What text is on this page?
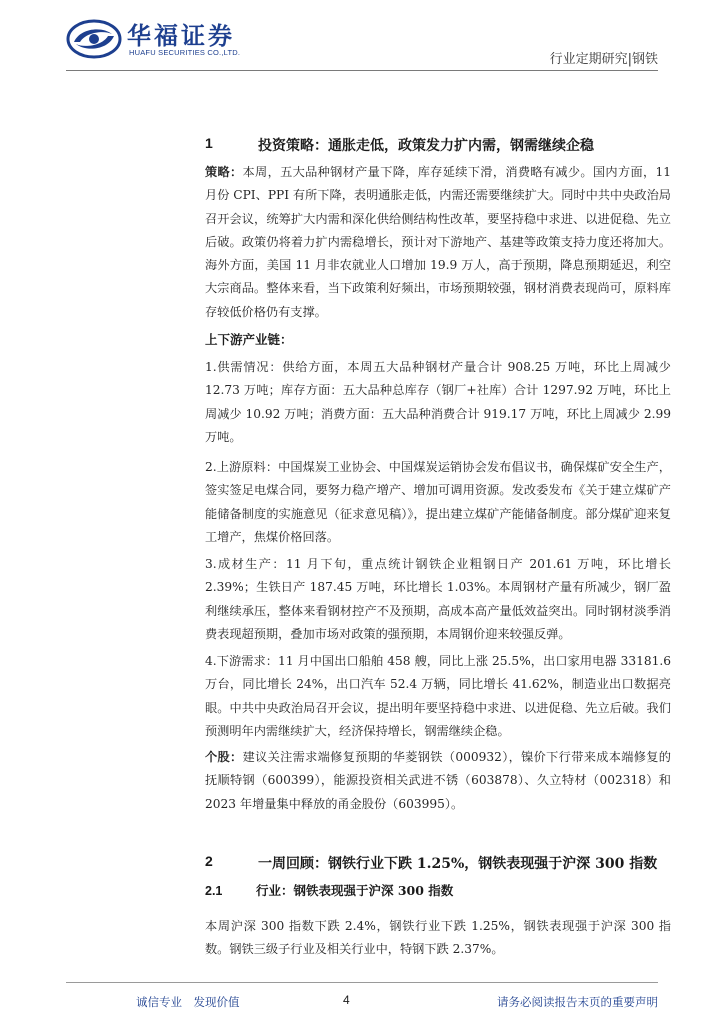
华福证券
HUAFU SECURITIES CO.,LTD.	行业定期研究|钢铁
1	投资策略：通胀走低，政策发力扩内需，钢需继续企稳

策略：本周，五大品种钢材产量下降，库存延续下滑，消费略有减少。国内方面，11 月份 CPI、PPI 有所下降，表明通胀走低，内需还需要继续扩大。同时中共中央政治局召开会议，统筹扩大内需和深化供给侧结构性改革，要坚持稳中求进、以进促稳、先立后破。政策仍将着力扩内需稳增长，预计对下游地产、基建等政策支持力度还将加大。海外方面，美国 11 月非农就业人口增加 19.9 万人，高于预期，降息预期延迟，利空大宗商品。整体来看，当下政策利好频出，市场预期较强，钢材消费表现尚可，原料库存较低价格仍有支撑。

上下游产业链：

1.供需情况：供给方面，本周五大品种钢材产量合计 908.25 万吨，环比上周减少 12.73 万吨；库存方面：五大品种总库存（钢厂+社库）合计 1297.92 万吨，环比上周减少 10.92 万吨；消费方面：五大品种消费合计 919.17 万吨，环比上周减少 2.99 万吨。

2.上游原料：中国煤炭工业协会、中国煤炭运销协会发布倡议书，确保煤矿安全生产，签实签足电煤合同，要努力稳产增产、增加可调用资源。发改委发布《关于建立煤矿产能储备制度的实施意见（征求意见稿）》，提出建立煤矿产能储备制度。部分煤矿迎来复工增产，焦煤价格回落。

3.成材生产：11 月下旬，重点统计钢铁企业粗钢日产 201.61 万吨，环比增长 2.39%；生铁日产 187.45 万吨，环比增长 1.03%。本周钢材产量有所减少，钢厂盈利继续承压，整体来看钢材控产不及预期，高成本高产量低效益突出。同时钢材淡季消费表现超预期，叠加市场对政策的强预期，本周钢价迎来较强反弹。

4.下游需求：11 月中国出口船舶 458 艘，同比上涨 25.5%，出口家用电器 33181.6 万台，同比增长 24%，出口汽车 52.4 万辆，同比增长 41.62%，制造业出口数据亮眼。中共中央政治局召开会议，提出明年要坚持稳中求进、以进促稳、先立后破。我们预测明年内需继续扩大，经济保持增长，钢需继续企稳。

个股：建议关注需求端修复预期的华菱钢铁（000932），镍价下行带来成本端修复的抚顺特钢（600399），能源投资相关武进不锈（603878）、久立特材（002318）和 2023 年增量集中释放的甬金股份（603995）。

2	一周回顾：钢铁行业下跌 1.25%，钢铁表现强于沪深 300 指数
2.1	行业：钢铁表现强于沪深 300 指数

本周沪深 300 指数下跌 2.4%，钢铁行业下跌 1.25%，钢铁表现强于沪深 300 指数。钢铁三级子行业及相关行业中，特钢下跌 2.37%。

诚信专业　发现价值	4	请务必阅读报告末页的重要声明
